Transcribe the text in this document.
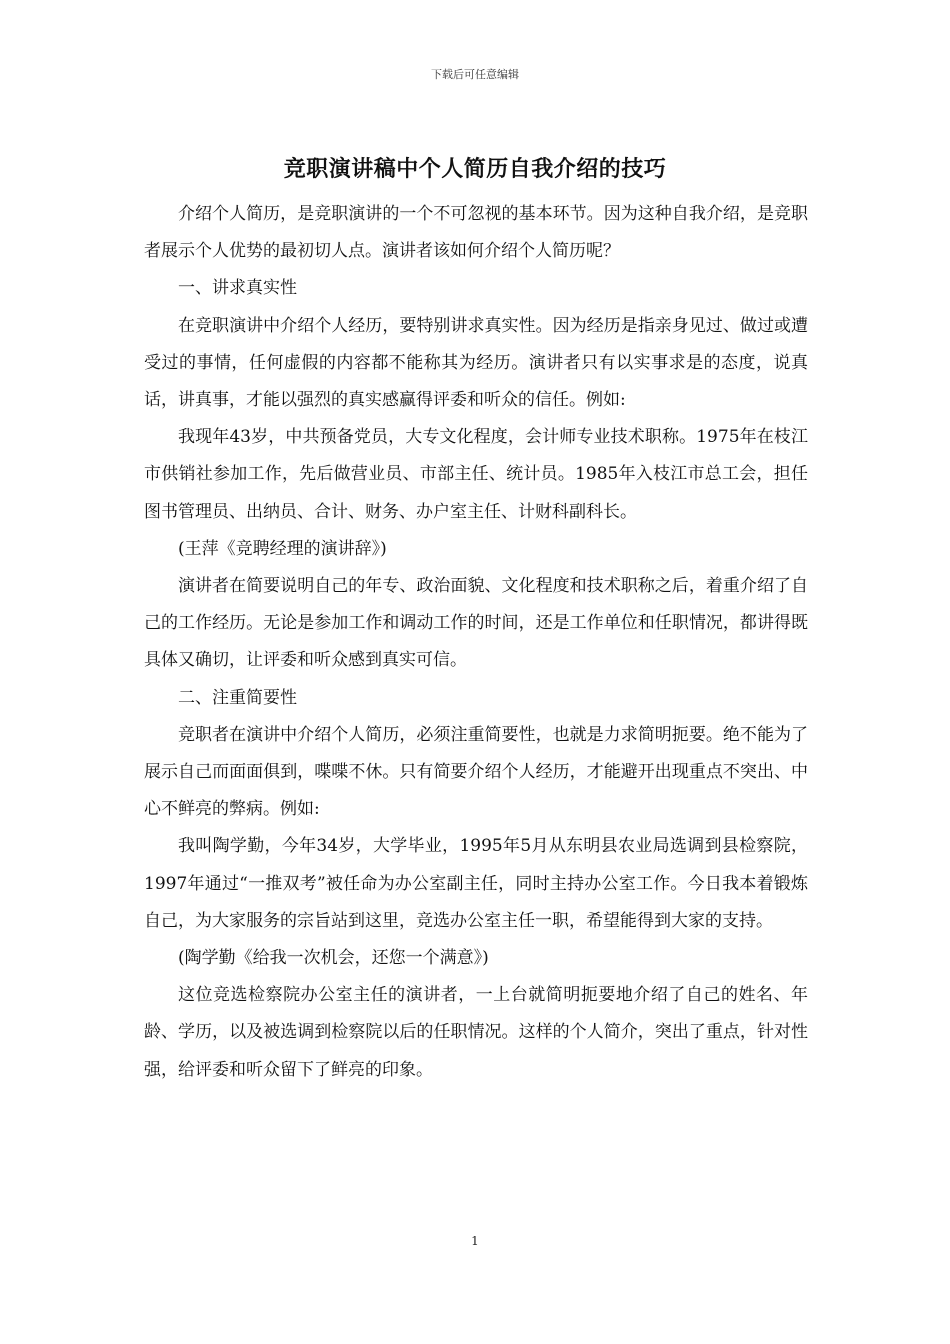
下载后可任意编辑
竞职演讲稿中个人简历自我介绍的技巧

介绍个人简历，是竞职演讲的一个不可忽视的基本环节。因为这种自我介绍，是竞职者展示个人优势的最初切人点。演讲者该如何介绍个人简历呢？

一、讲求真实性

在竞职演讲中介绍个人经历，要特别讲求真实性。因为经历是指亲身见过、做过或遭受过的事情，任何虚假的内容都不能称其为经历。演讲者只有以实事求是的态度，说真话，讲真事，才能以强烈的真实感赢得评委和听众的信任。例如:

我现年43岁，中共预备党员，大专文化程度，会计师专业技术职称。1975年在枝江市供销社参加工作，先后做营业员、市部主任、统计员。1985年入枝江市总工会，担任图书管理员、出纳员、合计、财务、办户室主任、计财科副科长。

(王萍《竞聘经理的演讲辞》)

演讲者在简要说明自己的年专、政治面貌、文化程度和技术职称之后，着重介绍了自己的工作经历。无论是参加工作和调动工作的时间，还是工作单位和任职情况，都讲得既具体又确切，让评委和听众感到真实可信。

二、注重简要性

竞职者在演讲中介绍个人简历，必须注重简要性，也就是力求简明扼要。绝不能为了展示自己而面面俱到，喋喋不休。只有简要介绍个人经历，才能避开出现重点不突出、中心不鲜亮的弊病。例如:

我叫陶学勤，今年34岁，大学毕业，1995年5月从东明县农业局选调到县检察院，1997年通过“一推双考”被任命为办公室副主任，同时主持办公室工作。今日我本着锻炼自己，为大家服务的宗旨站到这里，竞选办公室主任一职，希望能得到大家的支持。

(陶学勤《给我一次机会，还您一个满意》)

这位竞选检察院办公室主任的演讲者，一上台就简明扼要地介绍了自己的姓名、年龄、学历，以及被选调到检察院以后的任职情况。这样的个人简介，突出了重点，针对性强，给评委和听众留下了鲜亮的印象。

1
